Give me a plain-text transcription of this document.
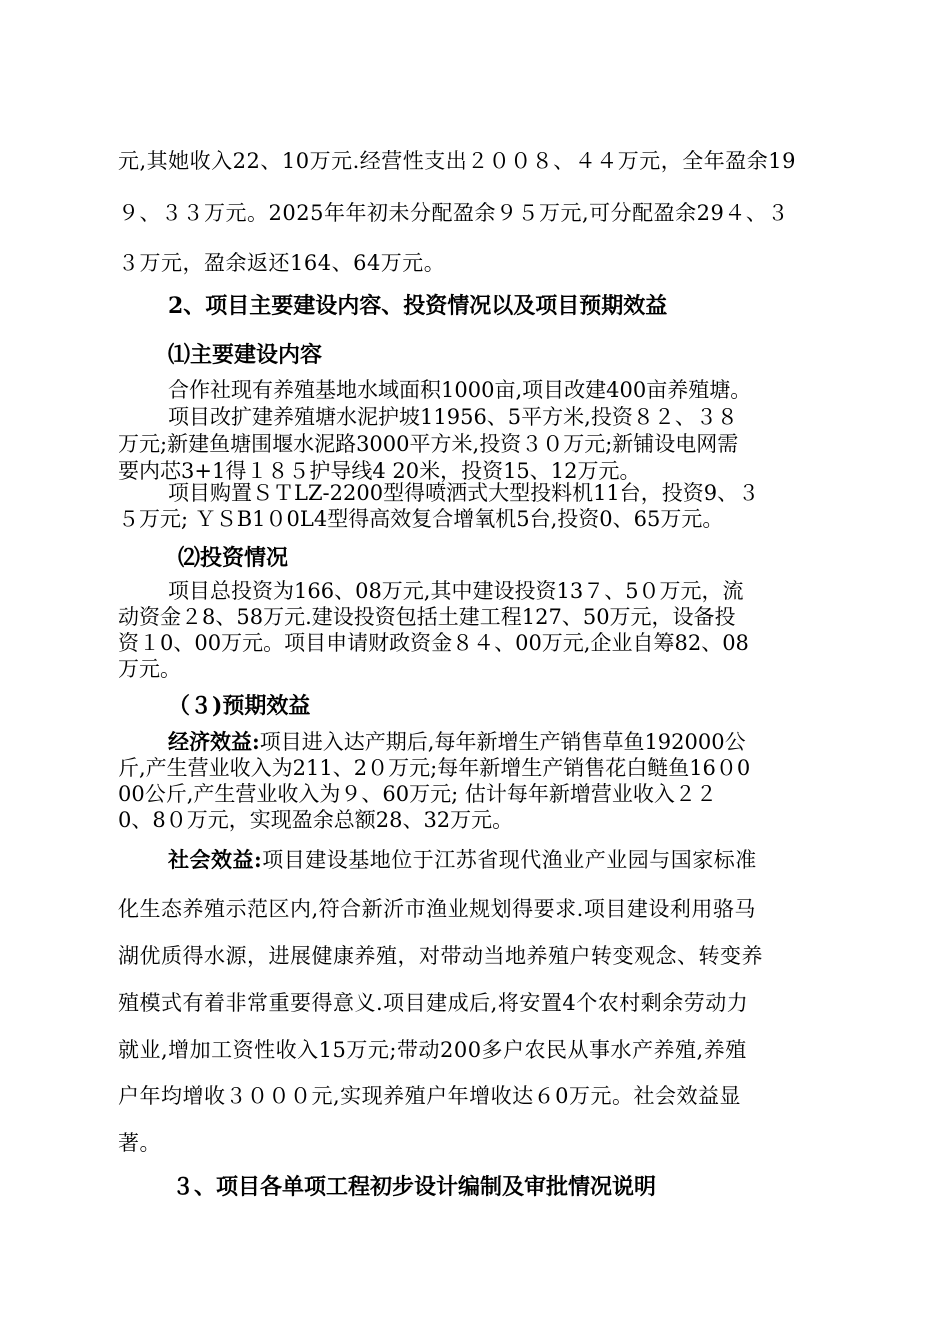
元,其她收入22、10万元.经营性支出２００８、４４万元，全年盈余19
９、３３万元。2025年年初未分配盈余９５万元,可分配盈余29４、３
３万元，盈余返还164、64万元。
2、项目主要建设内容、投资情况以及项目预期效益
⑴主要建设内容
合作社现有养殖基地水域面积1000亩,项目改建400亩养殖塘。
项目改扩建养殖塘水泥护坡11956、5平方米,投资８２、３８
万元;新建鱼塘围堰水泥路3000平方米,投资３０万元;新铺设电网需
要内芯3+1得１８５护导线4 20米，投资15、12万元。
项目购置ＳＴLZ-2200型得喷洒式大型投料机11台，投资9、３
５万元; ＹＳB1０0L4型得高效复合增氧机5台,投资0、65万元。
⑵投资情况
项目总投资为166、08万元,其中建设投资13７、5０万元，流
动资金２8、58万元.建设投资包括土建工程127、50万元，设备投
资１0、00万元。项目申请财政资金８４、00万元,企业自筹82、08
万元。
（３)预期效益
经济效益:项目进入达产期后,每年新增生产销售草鱼192000公
斤,产生营业收入为211、2０万元;每年新增生产销售花白鲢鱼16０0
00公斤,产生营业收入为９、60万元; 估计每年新增营业收入２２
0、8０万元，实现盈余总额28、32万元。
社会效益:项目建设基地位于江苏省现代渔业产业园与国家标准
化生态养殖示范区内,符合新沂市渔业规划得要求.项目建设利用骆马
湖优质得水源，进展健康养殖，对带动当地养殖户转变观念、转变养
殖模式有着非常重要得意义.项目建成后,将安置4个农村剩余劳动力
就业,增加工资性收入15万元;带动200多户农民从事水产养殖,养殖
户年均增收３０００元,实现养殖户年增收达６0万元。社会效益显
著。
３、项目各单项工程初步设计编制及审批情况说明
